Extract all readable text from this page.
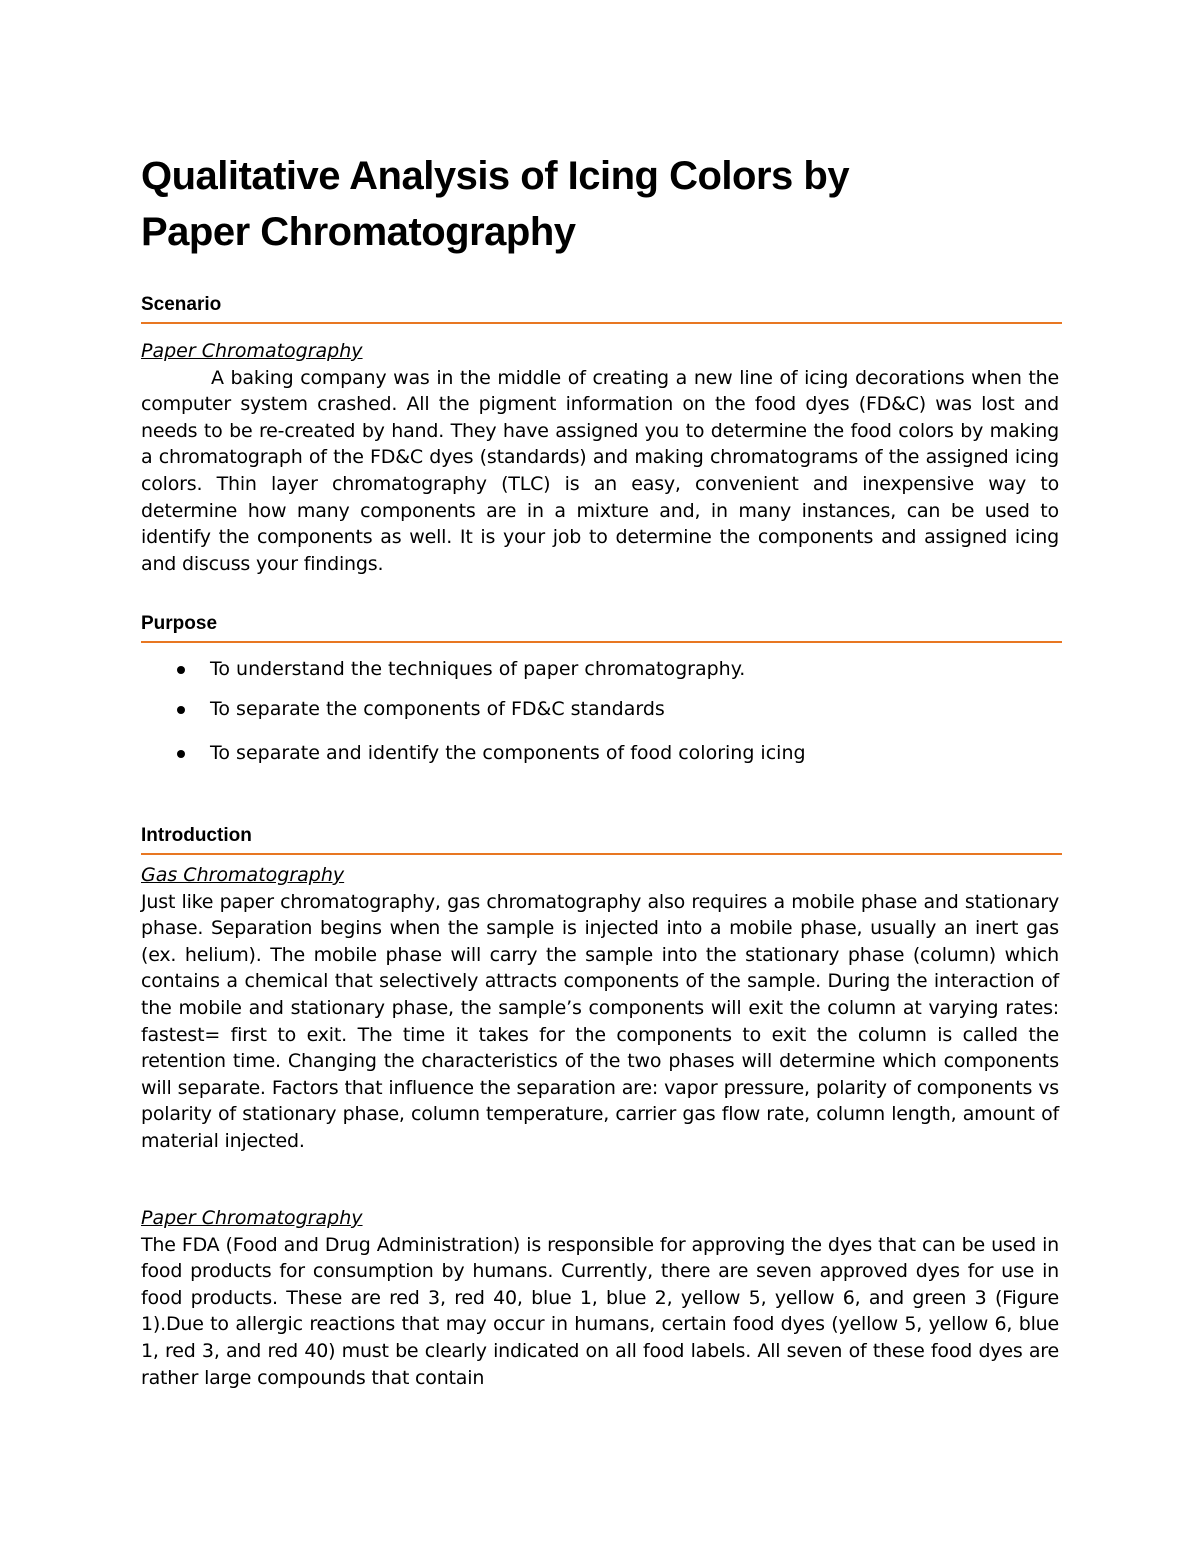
Qualitative Analysis of Icing Colors by
Paper Chromatography
Scenario

Paper Chromatography

A baking company was in the middle of creating a new line of icing decorations when the computer system crashed. All the pigment information on the food dyes (FD&C) was lost and needs to be re-created by hand. They have assigned you to determine the food colors by making a chromatograph of the FD&C dyes (standards) and making chromatograms of the assigned icing colors. Thin layer chromatography (TLC) is an easy, convenient and inexpensive way to determine how many components are in a mixture and, in many instances, can be used to identify the components as well. It is your job to determine the components and assigned icing and discuss your findings.

Purpose
To understand the techniques of paper chromatography.
To separate the components of FD&C standards
To separate and identify the components of food coloring icing
Introduction

Gas Chromatography

Just like paper chromatography, gas chromatography also requires a mobile phase and stationary phase. Separation begins when the sample is injected into a mobile phase, usually an inert gas (ex. helium). The mobile phase will carry the sample into the stationary phase (column) which contains a chemical that selectively attracts components of the sample. During the interaction of the mobile and stationary phase, the sample’s components will exit the column at varying rates: fastest= first to exit. The time it takes for the components to exit the column is called the retention time. Changing the characteristics of the two phases will determine which components will separate. Factors that influence the separation are: vapor pressure, polarity of components vs polarity of stationary phase, column temperature, carrier gas flow rate, column length, amount of material injected.

Paper Chromatography

The FDA (Food and Drug Administration) is responsible for approving the dyes that can be used in food products for consumption by humans. Currently, there are seven approved dyes for use in food products. These are red 3, red 40, blue 1, blue 2, yellow 5, yellow 6, and green 3 (Figure 1).Due to allergic reactions that may occur in humans, certain food dyes (yellow 5, yellow 6, blue 1, red 3, and red 40) must be clearly indicated on all food labels. All seven of these food dyes are rather large compounds that contain
